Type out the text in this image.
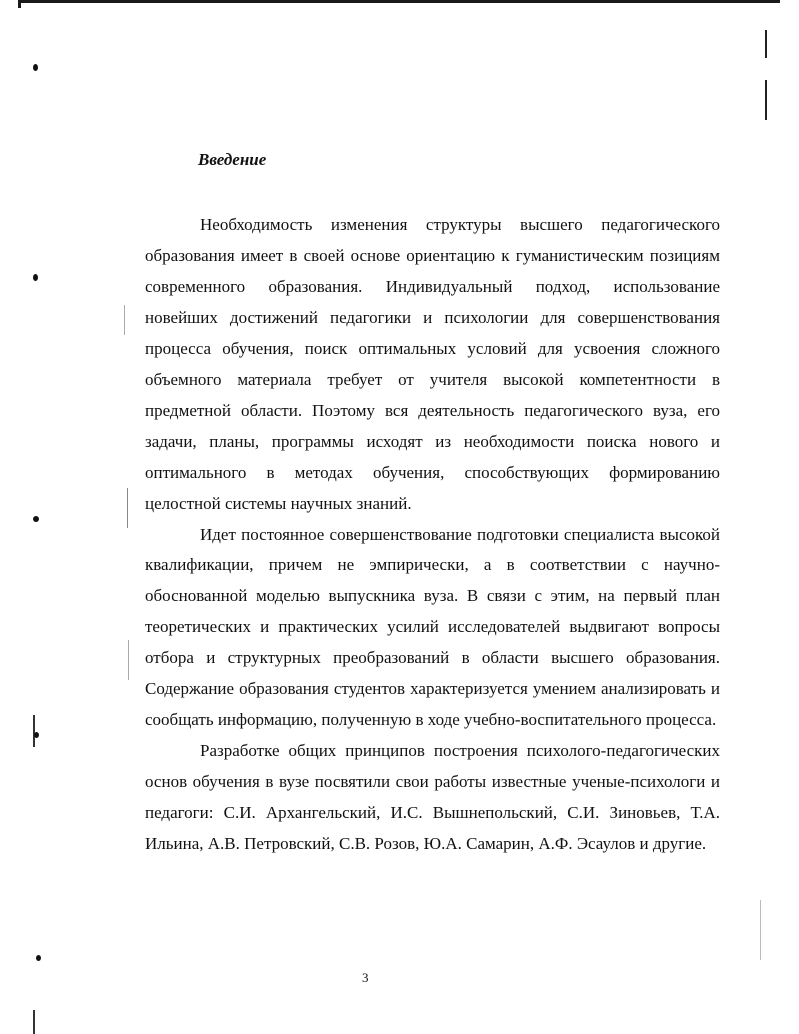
Введение

Необходимость изменения структуры высшего педагогического образования имеет в своей основе ориентацию к гуманистическим позициям современного образования. Индивидуальный подход, использование новейших достижений педагогики и психологии для совершенствования процесса обучения, поиск оптимальных условий для усвоения сложного объемного материала требует от учителя высокой компетентности в предметной области. Поэтому вся деятельность педагогического вуза, его задачи, планы, программы исходят из необходимости поиска нового и оптимального в методах обучения, способствующих формированию целостной системы научных знаний.

Идет постоянное совершенствование подготовки специалиста высокой квалификации, причем не эмпирически, а в соответствии с научно-обоснованной моделью выпускника вуза. В связи с этим, на первый план теоретических и практических усилий исследователей выдвигают вопросы отбора и структурных преобразований в области высшего образования. Содержание образования студентов характеризуется умением анализировать и сообщать информацию, полученную в ходе учебно-воспитательного процесса.

Разработке общих принципов построения психолого-педагогических основ обучения в вузе посвятили свои работы известные ученые-психологи и педагоги: С.И. Архангельский, И.С. Вышнепольский, С.И. Зиновьев, Т.А. Ильина, А.В. Петровский, С.В. Розов, Ю.А. Самарин, А.Ф. Эсаулов и другие.

3
